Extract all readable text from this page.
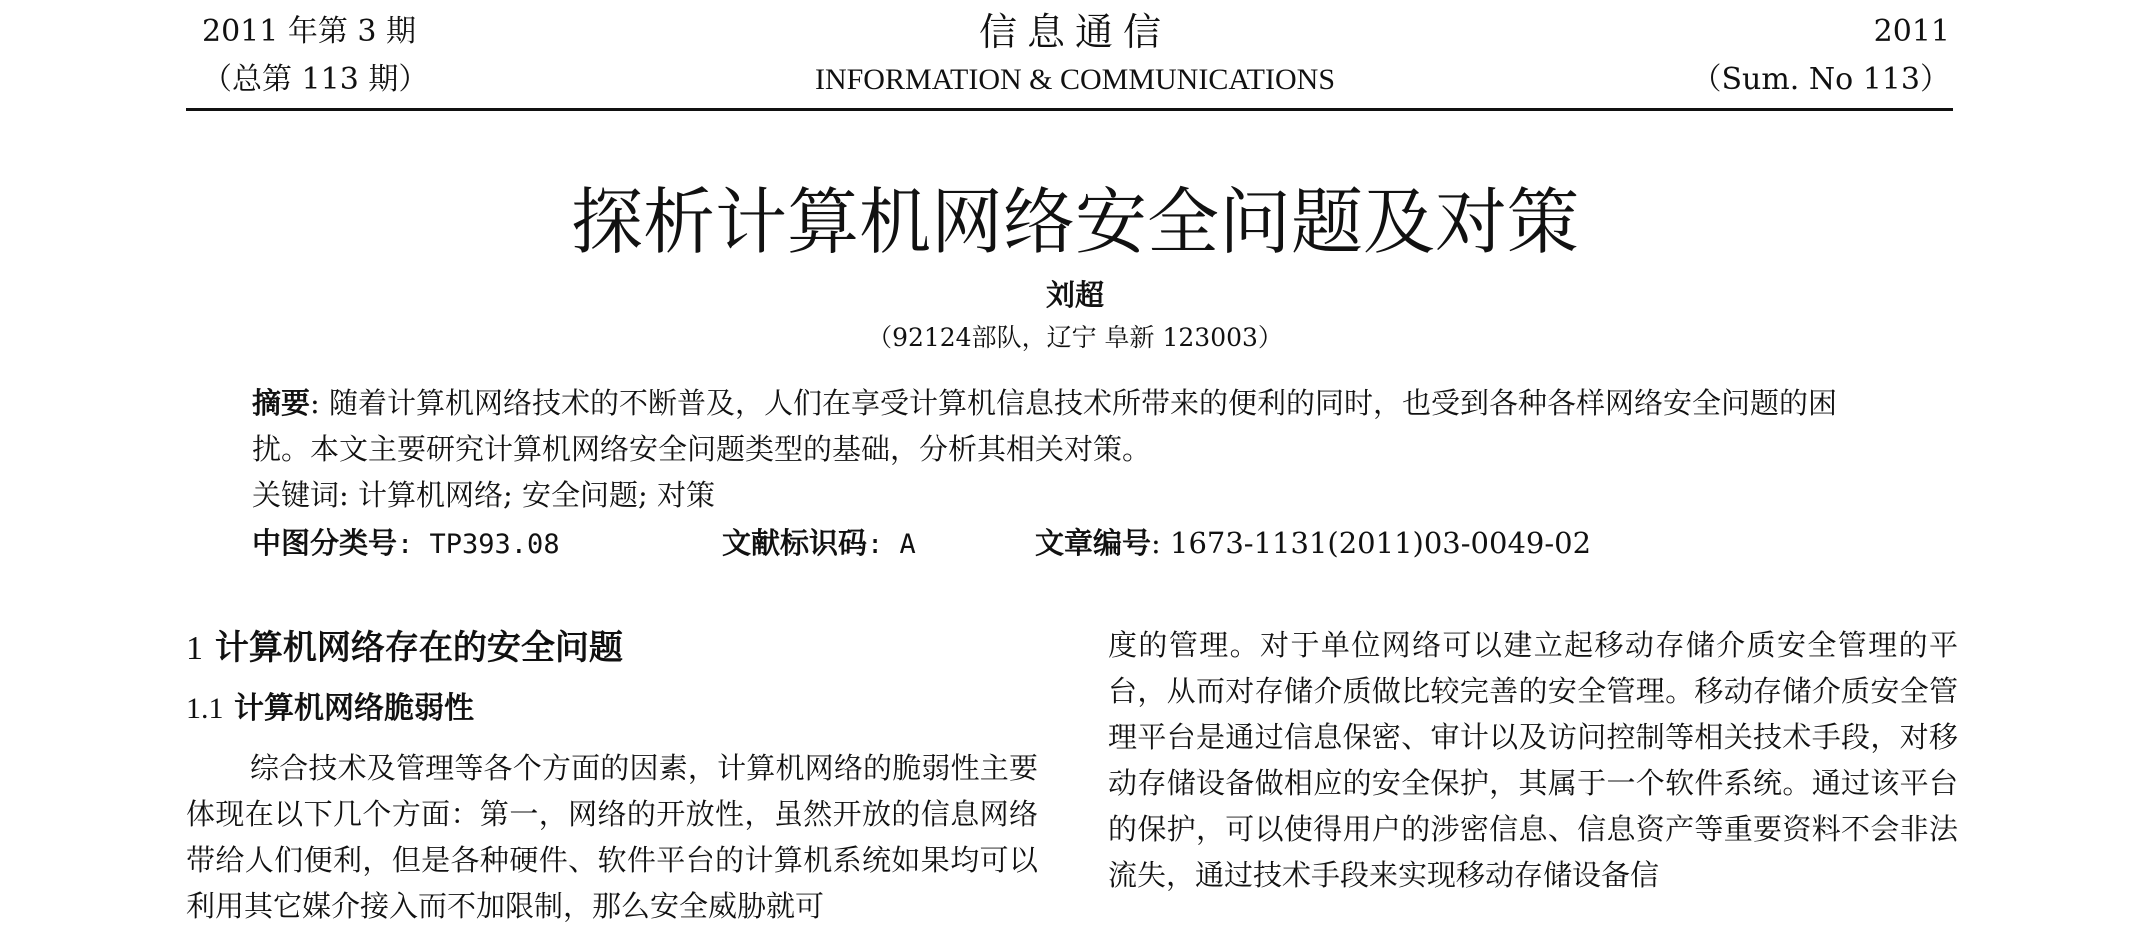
2011 年第 3 期
（总第 113 期）
信息通信
INFORMATION & COMMUNICATIONS
2011
（Sum. No 113）
探析计算机网络安全问题及对策
刘超
（92124部队，辽宁 阜新 123003）
摘要: 随着计算机网络技术的不断普及，人们在享受计算机信息技术所带来的便利的同时，也受到各种各样网络安全问题的困扰。本文主要研究计算机网络安全问题类型的基础，分析其相关对策。
关键词: 计算机网络; 安全问题; 对策
中图分类号: TP393.08	文献标识码: A	文章编号: 1673-1131(2011)03-0049-02
1 计算机网络存在的安全问题
1.1 计算机网络脆弱性
综合技术及管理等各个方面的因素，计算机网络的脆弱性主要体现在以下几个方面：第一，网络的开放性，虽然开放的信息网络带给人们便利，但是各种硬件、软件平台的计算机系统如果均可以利用其它媒介接入而不加限制，那么安全威胁就可
度的管理。对于单位网络可以建立起移动存储介质安全管理的平台，从而对存储介质做比较完善的安全管理。移动存储介质安全管理平台是通过信息保密、审计以及访问控制等相关技术手段，对移动存储设备做相应的安全保护，其属于一个软件系统。通过该平台的保护，可以使得用户的涉密信息、信息资产等重要资料不会非法流失，通过技术手段来实现移动存储设备信
